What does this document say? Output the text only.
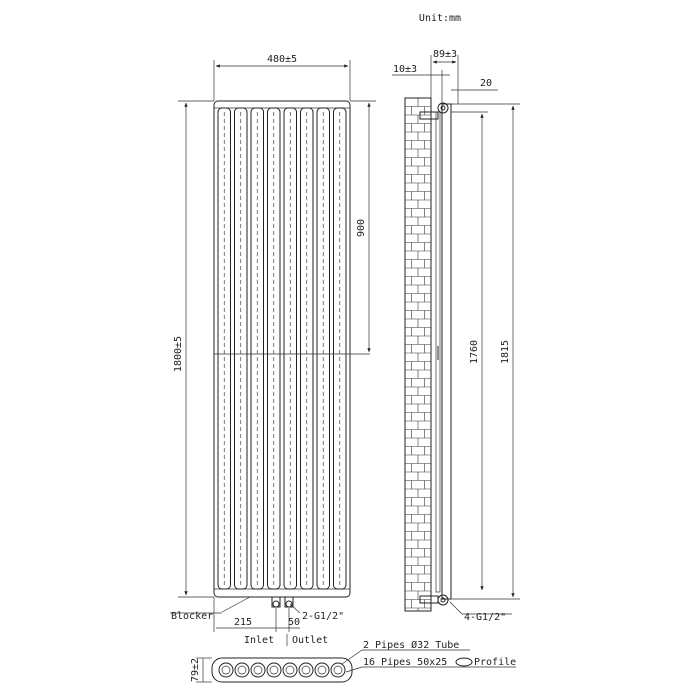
Unit:mm
480±5
1800±5
900
Blocker	2-G1/2"
215	50
Inlet Outlet
89±3
10±3
20
1760 1815
4-G1/2"
79±2
2 Pipes Ø32 Tube
16 Pipes 50x25	Profile
